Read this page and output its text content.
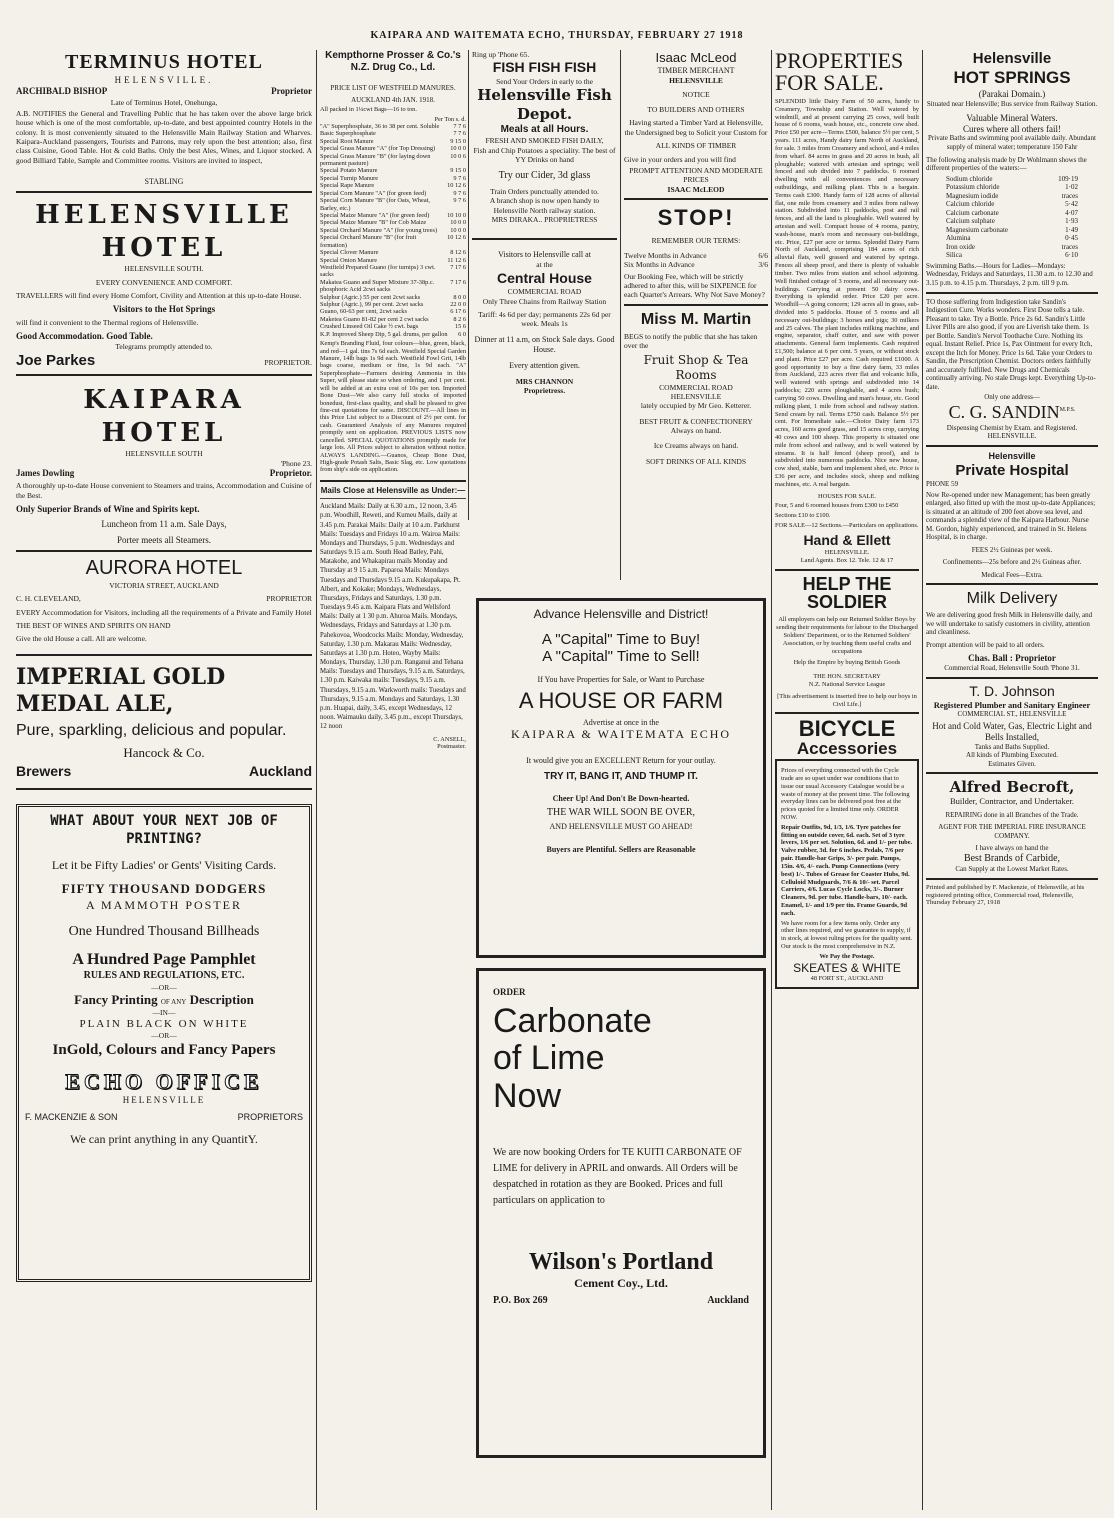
KAIPARA AND WAITEMATA ECHO, THURSDAY, FEBRUARY 27 1918
TERMINUS HOTEL
HELENSVILLE.
ARCHIBALD BISHOP	Proprietor
Late of Terminus Hotel, Onehunga,
A.B. NOTIFIES the General and Travelling Public that he has taken over the above large brick house which is one of the most comfortable, up-to-date, and best appointed country Hotels in the colony. It is most conveniently situated to the Helensville Main Railway Station and Wharves. Kaipara-Auckland passengers, Tourists and Patrons, may rely upon the best attention; also, first class Cuisine, Good Table. Hot & cold Baths. Only the best Ales, Wines, and Liquor stocked. A good Billiard Table, Sample and Committee rooms. Visitors are invited to inspect,
STABLING
HELENSVILLE HOTEL
HELENSVILLE SOUTH.
EVERY CONVENIENCE AND COMFORT.
TRAVELLERS will find every Home Comfort, Civility and Attention at this up-to-date House.
Visitors to the Hot Springs
will find it convenient to the Thermal regions of Helensville.
Good Accommodation. Good Table.
Telegrams promptly attended to.
Joe Parkes	PROPRIETOR.
KAIPARA HOTEL
HELENSVILLE SOUTH
'Phone 23.
James Dowling	Proprietor.
A thoroughly up-to-date House convenient to Steamers and trains, Accommodation and Cuisine of the Best.
Only Superior Brands of Wine and Spirits kept.
Luncheon from 11 a.m. Sale Days,
Porter meets all Steamers.
AURORA HOTEL
VICTORIA STREET, AUCKLAND
C. H. CLEVELAND,	PROPRIETOR
EVERY Accommodation for Visitors, including all the requirements of a Private and Family Hotel
THE BEST OF WINES AND SPIRITS ON HAND
Give the old House a call. All are welcome.
IMPERIAL GOLD MEDAL ALE,
Pure, sparkling, delicious and popular.
Hancock & Co.
Brewers	Auckland
WHAT ABOUT YOUR NEXT JOB OF PRINTING?
Let it be Fifty Ladies' or Gents' Visiting Cards.
FIFTY THOUSAND DODGERS
A MAMMOTH POSTER
One Hundred Thousand Billheads
A Hundred Page Pamphlet
RULES AND REGULATIONS, ETC.
—OR—
Fancy Printing OF ANY Description
—IN—
PLAIN BLACK ON WHITE
—OR—
InGold, Colours and Fancy Papers
ECHO OFFICE
HELENSVILLE
F. MACKENZIE & SON	PROPRIETORS
We can print anything in any QuantitY.
Kempthorne Prosser & Co.'s N.Z. Drug Co., Ld.
PRICE LIST OF WESTFIELD MANURES.
AUCKLAND 4th JAN. 1918.
All packed in 1¼cwt Bags—16 to ton.
Per Ton s. d.
"A" Superphosphate, 36 to 38 per cent. Soluble	7 7 6
Basic Superphosphate	7 7 6
Special Root Manure	9 15 0
Special Grass Manure "A" (for Top Dressing)	10 0 0
Special Grass Manure "B" (for laying down permanent pasture)
10 0 6
Special Potato Manure	9 15 0
Special Turnip Manure	9 7 6
Special Rape Manure	10 12 6
Special Corn Manure "A" (for green feed)	9 7 6
Special Corn Manure "B" (for Oats, Wheat, Barley, etc.)
9 7 6
Special Maize Manure "A" (for green feed)	10 10 0
Special Maize Manure "B" for Cob Maize	10 0 0
Special Orchard Manure "A" (for young trees)	10 0 0
Special Orchard Manure "B" (for fruit formation)
10 12 6
Special Clover Manure	8 12 6
Special Onion Manure	11 12 6
Westfield Prepared Guano (for turnips) 3 cwt. sacks
7 17 6
Makatea Guano and Super Mixture 37-38p.c. phosphoric Acid 2cwt sacks
7 17 6
Sulphur (Agric.) 55 per cent 2cwt sacks	8 0 0
Sulphur (Agric.), 99 per cent. 2cwt sacks	22 0 0
Guano, 60-63 per cent, 2cwt sacks	6 17 6
Maketea Guano 81-82 per cent 2 cwt sacks	8 2 6
Crushed Linseed Oil Cake ½ cwt. bags	15 6
K.P. Improved Sheep Dip, 5 gal. drums, per gallon	6 0
Kemp's Branding Fluid, four colours—blue, green, black, and red—1 gal. tins 7s 6d each. Westfield Special Garden Manure, 14lb bags 1s 9d each. Westfield Fowl Grit, 14lb bags coarse, medium or fine, 1s 9d each. "A" Superphosphate—Farmers desiring Ammonia in this Super, will please state so when ordering, and 1 per cent. will be added at an extra cost of 10s per ton. Imported Bone Dust—We also carry full stocks of imported bonedust, first-class quality, and shall be pleased to give fine-cut quotations for same. DISCOUNT.—All lines in this Price List subject to a Discount of 2½ per cent. for cash. Guaranteed Analysis of any Manures required promptly sent on application. PREVIOUS LISTS now cancelled. SPECIAL QUOTATIONS promptly made for large lots. All Prices subject to alteration without notice. ALWAYS LANDING.—Guanos, Cheap Bone Dust, High-grade Potash Salts, Basic Slag, etc. Low quotations from ship's side on application.
Mails Close at Helensville as Under:—
Auckland Mails: Daily at 6.30 a.m., 12 noon, 3.45 p.m. Woodhill, Reweti, and Kumeu Mails, daily at 3.45 p.m. Parakai Mails: Daily at 10 a.m. Parkhurst Mails: Tuesdays and Fridays 10 a.m. Wairoa Mails: Mondays and Thursdays, 5 p.m. Wednesdays and Saturdays 9.15 a.m. South Head Batley, Pahi, Matakohe, and Whakapirau mails Monday and Thursday at 9 15 a.m. Paparoa Mails: Mondays Tuesdays and Thursdays 9.15 a.m. Kukupakapa, Pt. Albert, and Kokake; Mondays, Wednesdays, Thursdays, Fridays and Saturdays, 1.30 p.m. Tuesdays 9.45 a.m. Kaipara Flats and Wellsford Mails: Daily at 1 30 p.m. Ahuroa Mails. Mondays, Wednesdays, Fridays and Saturdays at 1.30 p.m. Pahekovoa, Woodcocks Mails: Monday, Wednesday, Saturday, 1.30 p.m. Makarau Mails: Wednesday, Saturdays at 1.30 p.m. Hoteo, Wayby Mails: Mondays, Thursday, 1.30 p.m. Ranganui and Tehana Mails: Tuesdays and Thursdays, 9.15 a.m. Saturdays, 1.30 p.m. Kaiwaka mails: Tuesdays, 9.15 a.m. Thursdays, 9.15 a.m. Warkworth mails: Tuesdays and Thursdays, 9.15 a.m. Mondays and Saturdays, 1.30 p.m. Huapai, daily, 3.45, except Wednesdays, 12 noon. Waimauku daily, 3.45 p.m., except Thursdays, 12 noon
C. ANSELL,
Postmaster.
Ring up 'Phone 65.
FISH FISH FISH
Send Your Orders in early to the
Helensville Fish Depot.
Meals at all Hours.
FRESH AND SMOKED FISH DAILY,
Fish and Chip Potatoes a speciality. The best of YY Drinks on hand
Try our Cider, 3d glass
Train Orders punctually attended to.
A branch shop is now open handy to Helensville North railway station.
MRS DIRAKA.. PROPRIETRESS
Visitors to Helensville call at
at the
Central House
COMMERCIAL ROAD
Only Three Chains from Railway Station
Tariff: 4s 6d per day; permanents 22s 6d per week. Meals 1s
Dinner at 11 a.m, on Stock Sale days. Good House.
Every attention given.
MRS CHANNON
Proprietress.
Isaac McLeod
TIMBER MERCHANT
HELENSVILLE
NOTICE
TO BUILDERS AND OTHERS
Having started a Timber Yard at Helensville, the Undersigned beg to Solicit your Custom for
ALL KINDS OF TIMBER
Give in your orders and you will find
PROMPT ATTENTION AND MODERATE PRICES
ISAAC McLEOD
STOP!
REMEMBER OUR TERMS:
Twelve Months in Advance	6/6
Six Months in Advance	3/6
Our Booking Fee, which will be strictly adhered to after this, will be SIXPENCE for each Quarter's Arrears. Why Not Save Money?
Miss M. Martin
BEGS to notify the public that she has taken over the
Fruit Shop & Tea Rooms
COMMERCIAL ROAD
HELENSVILLE
lately occupied by Mr Geo. Ketterer.
BEST FRUIT & CONFECTIONERY
Always on hand.
Ice Creams always on hand.
SOFT DRINKS OF ALL KINDS
Advance Helensville and District!
A "Capital" Time to Buy!
A "Capital" Time to Sell!
If You have Properties for Sale, or Want to Purchase
A HOUSE OR FARM
Advertise at once in the
KAIPARA & WAITEMATA ECHO
It would give you an EXCELLENT Return for your outlay.
TRY IT, BANG IT, AND THUMP IT.
Cheer Up! And Don't Be Down-hearted.
THE WAR WILL SOON BE OVER,
AND HELENSVILLE MUST GO AHEAD!
Buyers are Plentiful. Sellers are Reasonable
ORDER
Carbonate
of Lime
Now
We are now booking Orders for TE KUITI CARBONATE OF LIME for delivery in APRIL and onwards. All Orders will be despatched in rotation as they are Booked. Prices and full particulars on application to
Wilson's Portland
Cement Coy., Ltd.
P.O. Box 269	Auckland
PROPERTIES FOR SALE.
SPLENDID little Dairy Farm of 50 acres, handy to Creamery, Township and Station. Well watered by windmill, and at present carrying 25 cows, well built house of 6 rooms, wash house, etc., concrete cow shed. Price £50 per acre—Terms £500, balance 5½ per cent, 5 years. 111 acres, Handy dairy farm North of Auckland, for sale. 3 miles from Creamery and school, and 4 miles from wharf. 84 acres in grass and 20 acres in bush, all ploughable; watered with artesian and springs; well fenced and sub divided into 7 paddocks. 6 roomed dwelling with all conveniences and necessary outbuildings, and milking plant. This is a bargain. Terms cash £300. Handy farm of 128 acres of alluvial flat, one mile from creamery and 3 miles from railway station. Subdivided into 11 paddocks, post and rail fences, and all the land is ploughable. Well watered by artesian and well. Compact house of 4 rooms, pantry, wash-house, man's room and necessary out-buildings, etc. Price, £27 per acre or terms. Splendid Dairy Farm North of Auckland, comprising 184 acres of rich alluvial flats, well grassed and watered by springs. Fences all sheep proof, and there is plenty of valuable timber. Two miles from station and school adjoining. Well finished cottage of 3 rooms, and all necessary out-buildings. Carrying at present 50 dairy cows. Everything is splendid order. Price £20 per acre. Woodhill—A going concern; 129 acres all in grass, sub-divided into 5 paddocks. House of 5 rooms and all necessary out-buildings; 3 horses and pigs; 30 milkers and 25 calves. The plant includes milking machine, and engine, separator, chaff cutter, and saw with power attachments. General farm implements. Cash required £1,500; balance at 6 per cent. 5 years, or without stock and plant. Price £27 per acre. Cash required £1000. A good opportunity to buy a fine dairy farm, 33 miles from Auckland, 223 acres river flat and volcanic hills, well watered with springs and subdivided into 14 paddocks; 220 acres ploughable, and 4 acres bush; carrying 50 cows. Dwelling and man's house, etc. Good milking plant, 1 mile from school and railway station. Send cream by rail. Terms £750 cash. Balance 5½ per cent. For Immediate sale.—Choice Dairy farm 173 acres, 160 acres good grass, and 15 acres crop, carrying 40 cows and 100 sheep. This property is situated one mile from school and railway, and is well watered by streams. It is half fenced (sheep proof), and is subdivided into numerous paddocks. Nice new house, cow shed, stable, barn and implement shed, etc. Price is £36 per acre, and includes stock, sheep and milking machines, etc. A real bargain.
HOUSES FOR SALE.
Four, 5 and 6 roomed houses from £300 to £450
Sections £10 to £100.
FOR SALE—12 Sections.—Particulars on applications.
Hand & Ellett
HELENSVILLE.
Land Agents. Box 12. Tele. 12 & 17
HELP THE SOLDIER
All employers can help our Returned Soldier Boys by sending their requirements for labour to the Discharged Soldiers' Department, or to the Returned Soldiers' Association, or by teaching them useful crafts and occupations
Help the Empire by buying British Goods
THE HON. SECRETARY
N.Z. National Service League
[This advertisement is inserted free to help our boys in Civil Life.]
BICYCLE
Accessories
Prices of everything connected with the Cycle trade are so upset under war conditions that to issue our usual Accessory Catalogue would be a waste of money at the present time. The following everyday lines can be delivered post free at the prices quoted for a limited time only. ORDER NOW.
Repair Outfits, 9d, 1/3, 1/6. Tyre patches for fitting on outside cover, 6d. each. Set of 3 tyre levers, 1/6 per set. Solution, 6d. and 1/- per tube. Valve rubber, 3d. for 6 inches. Pedals, 7/6 per pair. Handle-bar Grips, 3/- per pair. Pumps, 15in. 4/6, 4/- each. Pump Connections (very best) 1/-. Tubes of Grease for Coaster Hubs, 9d. Celluloid Mudguards, 7/6 & 10/- set. Parcel Carriers, 4/6. Lucas Cycle Locks, 3/-. Burner Cleaners, 9d. per tube. Handle-bars, 10/- each. Enamel, 1/- and 1/9 per tin. Frame Guards, 9d each.
We have room for a few items only. Order any other lines required, and we guarantee to supply, if in stock, at lowest ruling prices for the quality sent. Our stock is the most comprehensive in N.Z.
We Pay the Postage.
SKEATES & WHITE
48 FORT ST., AUCKLAND
Helensville
HOT SPRINGS
(Parakai Domain.)
Situated near Helensville; Bus service from Railway Station.
Valuable Mineral Waters.
Cures where all others fail!
Private Baths and swimming pool available daily. Abundant supply of mineral water; temperature 150 Fahr
The following analysis made by Dr Wohlmann shows the different properties of the waters:—
Sodium chloride	109·19
Potassium chloride	1·02
Magnesium iodide	traces
Calcium chloride	5·42
Calcium carbonate	4·07
Calcium sulphate	1·93
Magnesium carbonate	1·49
Alumina	0·45
Iron oxide	traces
Silica	6·10
Swimming Baths.—Hours for Ladies—Mondays: Wednesday, Fridays and Saturdays, 11.30 a.m. to 12.30 and 3.15 p.m. to 4.15 p.m. Thursdays, 2 p.m. till 9 p.m.
TO those suffering from Indigestion take Sandin's Indigestion Cure. Works wonders. First Dose tells a tale. Pleasant to take. Try a Bottle. Price 2s 6d. Sandin's Little Liver Pills are also good, if you are Liverish take them. 1s per Bottle. Sandin's Nervol Toothache Cure. Nothing its equal. Instant Relief. Price 1s, Pax Ointment for every Itch, except the Itch for Money. Price 1s 6d. Take your Orders to Sandin, the Prescription Chemist. Doctors orders faithfully and accurately fulfilled. New Drugs and Chemicals continually arriving. No stale Drugs kept. Everything Up-to-date.
Only one address—
C. G. $SANDIN^{M.P.S.}$
Dispensing Chemist by Exam. and Registered.
HELENSVILLE.
Helensville
Private Hospital
PHONE 59
Now Re-opened under new Management; has been greatly enlarged, also fitted up with the most up-to-date Appliances; is situated at an altitude of 200 feet above sea level, and commands a splendid view of the Kaipara Harbour. Nurse M. Gordon, highly experienced, and trained in St. Helens Hospital, is in charge.
FEES 2½ Guineas per week.
Confinements—25s before and 2½ Guineas after.
Medical Fees—Extra.
Milk Delivery
We are delivering good fresh Milk in Helensville daily, and we will undertake to satisfy customers in civility, attention and cleanliness.
Prompt attention will be paid to all orders.
Chas. Ball : Proprietor
Commercial Road, Helensville South 'Phone 31.
T. D. Johnson
Registered Plumber and Sanitary Engineer
COMMERCIAL ST., HELENSVILLE
Hot and Cold Water, Gas, Electric Light and Bells Installed,
Tanks and Baths Supplied.
All kinds of Plumbing Executed.
Estimates Given.
Alfred Becroft,
Builder, Contractor, and Undertaker.
REPAIRING done in all Branches of the Trade.
AGENT FOR THE IMPERIAL FIRE INSURANCE COMPANY.
I have always on hand the
Best Brands of Carbide,
Can Supply at the Lowest Market Rates.
Printed and published by F. Mackenzie, of Helensville, at his registered printing office, Commercial road, Helensville, Thursday February 27, 1918
